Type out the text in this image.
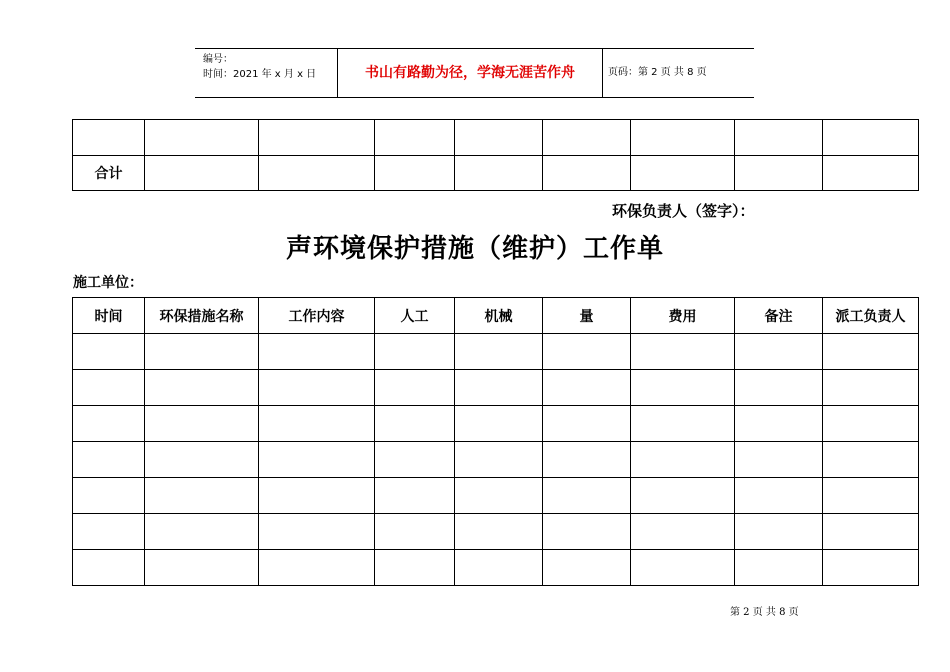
编号：
时间：2021 年 x 月 x 日	书山有路勤为径，学海无涯苦作舟	页码：第 2 页 共 8 页

合计								
环保负责人（签字）：
声环境保护措施（维护）工作单
施工单位：
时间	环保措施名称	工作内容	人工	机械	量	费用	备注	派工负责人

第 2 页 共 8 页
